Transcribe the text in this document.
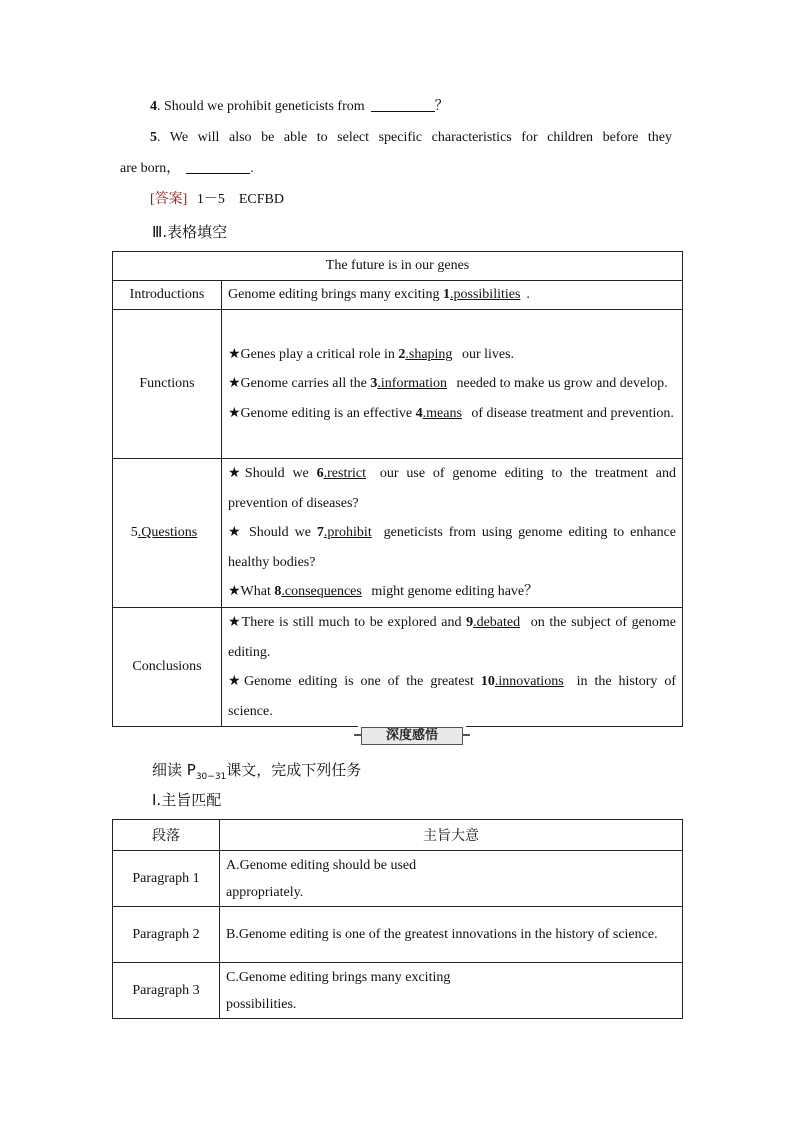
4. Should we prohibit geneticists from	？
5. We will also be able to select specific characteristics for children before they
are born，	.
[答案] 1－5　ECFBD
Ⅲ.表格填空
The future is in our genes	
Introductions	Genome editing brings many exciting 1.possibilities .
Functions	★Genes play a critical role in 2.shaping our lives.
★Genome carries all the 3.information needed to make us grow and develop.
★Genome editing is an effective 4.means of disease treatment and prevention.

5.Questions	★Should we 6.restrict our use of genome editing to the treatment and prevention of diseases?
★ Should we 7.prohibit geneticists from using genome editing to enhance healthy bodies?
★What 8.consequences might genome editing have？

Conclusions	★There is still much to be explored and 9.debated on the subject of genome editing.
★Genome editing is one of the greatest 10.innovations in the history of science.
深度感悟
细读 $P_{30-31}$课文，完成下列任务
Ⅰ.主旨匹配
段落	主旨大意
Paragraph 1	A.Genome editing should be used appropriately.

Paragraph 2	B.Genome editing is one of the greatest innovations in the history of science.

Paragraph 3	C.Genome editing brings many exciting possibilities.
